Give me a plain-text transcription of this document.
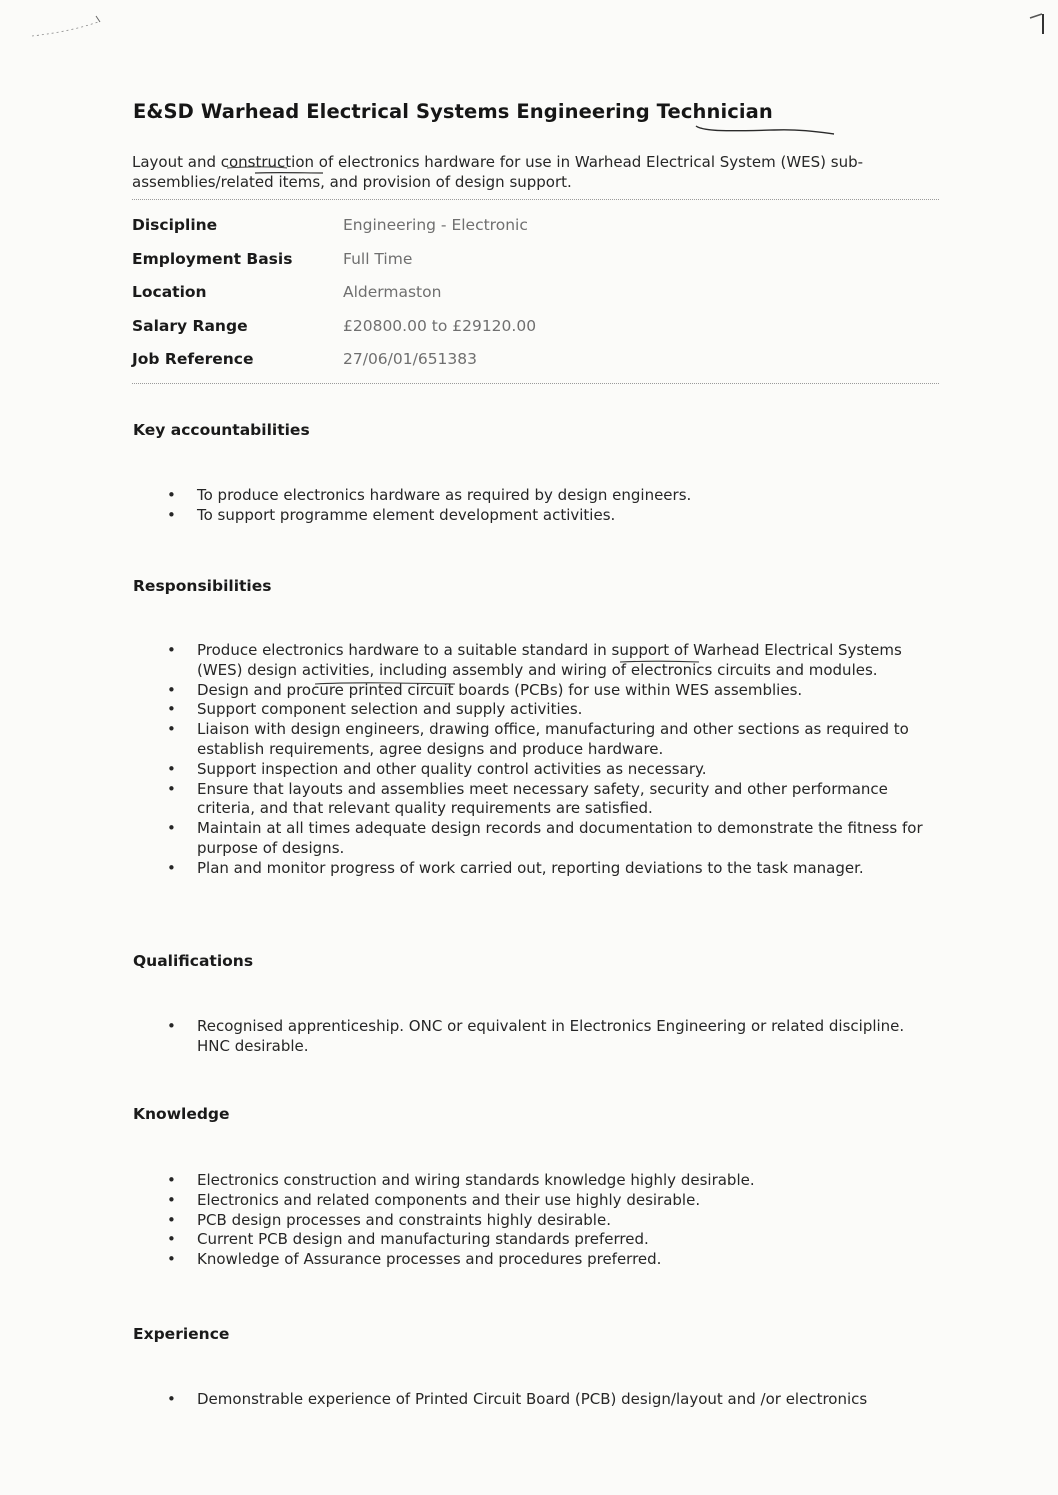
E&SD Warhead Electrical Systems Engineering Technician
Layout and construction of electronics hardware for use in Warhead Electrical System (WES) sub-assemblies/related items, and provision of design support.
Discipline	Engineering - Electronic
Employment Basis	Full Time
Location	Aldermaston
Salary Range	£20800.00 to £29120.00
Job Reference	27/06/01/651383
Key accountabilities
• To produce electronics hardware as required by design engineers.
• To support programme element development activities.
Responsibilities
• Produce electronics hardware to a suitable standard in support of Warhead Electrical Systems (WES) design activities, including assembly and wiring of electronics circuits and modules.
• Design and procure printed circuit boards (PCBs) for use within WES assemblies.
• Support component selection and supply activities.
• Liaison with design engineers, drawing office, manufacturing and other sections as required to establish requirements, agree designs and produce hardware.
• Support inspection and other quality control activities as necessary.
• Ensure that layouts and assemblies meet necessary safety, security and other performance criteria, and that relevant quality requirements are satisfied.
• Maintain at all times adequate design records and documentation to demonstrate the fitness for purpose of designs.
• Plan and monitor progress of work carried out, reporting deviations to the task manager.
Qualifications
• Recognised apprenticeship. ONC or equivalent in Electronics Engineering or related discipline. HNC desirable.
Knowledge
• Electronics construction and wiring standards knowledge highly desirable.
• Electronics and related components and their use highly desirable.
• PCB design processes and constraints highly desirable.
• Current PCB design and manufacturing standards preferred.
• Knowledge of Assurance processes and procedures preferred.
Experience
• Demonstrable experience of Printed Circuit Board (PCB) design/layout and /or electronics
